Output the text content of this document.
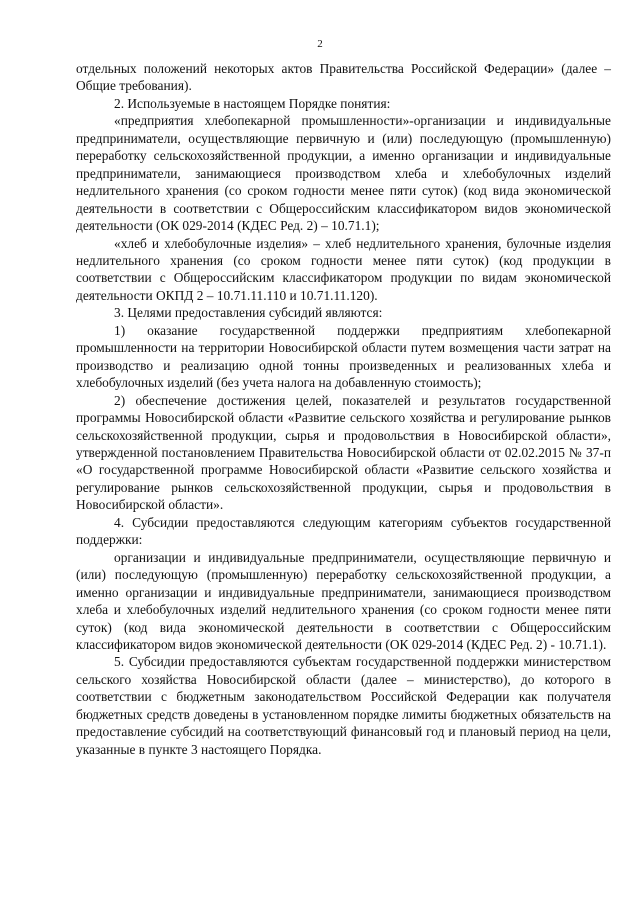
2

отдельных положений некоторых актов Правительства Российской Федерации» (далее – Общие требования).

2. Используемые в настоящем Порядке понятия:

«предприятия хлебопекарной промышленности»-организации и индивидуальные предприниматели, осуществляющие первичную и (или) последующую (промышленную) переработку сельскохозяйственной продукции, а именно организации и индивидуальные предприниматели, занимающиеся производством хлеба и хлебобулочных изделий недлительного хранения (со сроком годности менее пяти суток) (код вида экономической деятельности в соответствии с Общероссийским классификатором видов экономической деятельности (ОК 029-2014 (КДЕС Ред. 2) – 10.71.1);

«хлеб и хлебобулочные изделия» – хлеб недлительного хранения, булочные изделия недлительного хранения (со сроком годности менее пяти суток) (код продукции в соответствии с Общероссийским классификатором продукции по видам экономической деятельности ОКПД 2 – 10.71.11.110 и 10.71.11.120).

3. Целями предоставления субсидий являются:

1) оказание государственной поддержки предприятиям хлебопекарной промышленности на территории Новосибирской области путем возмещения части затрат на производство и реализацию одной тонны произведенных и реализованных хлеба и хлебобулочных изделий (без учета налога на добавленную стоимость);

2) обеспечение достижения целей, показателей и результатов государственной программы Новосибирской области «Развитие сельского хозяйства и регулирование рынков сельскохозяйственной продукции, сырья и продовольствия в Новосибирской области», утвержденной постановлением Правительства Новосибирской области от 02.02.2015 № 37-п «О государственной программе Новосибирской области «Развитие сельского хозяйства и регулирование рынков сельскохозяйственной продукции, сырья и продовольствия в Новосибирской области».

4. Субсидии предоставляются следующим категориям субъектов государственной поддержки:

организации и индивидуальные предприниматели, осуществляющие первичную и (или) последующую (промышленную) переработку сельскохозяйственной продукции, а именно организации и индивидуальные предприниматели, занимающиеся производством хлеба и хлебобулочных изделий недлительного хранения (со сроком годности менее пяти суток) (код вида экономической деятельности в соответствии с Общероссийским классификатором видов экономической деятельности (ОК 029-2014 (КДЕС Ред. 2) - 10.71.1).

5. Субсидии предоставляются субъектам государственной поддержки министерством сельского хозяйства Новосибирской области (далее – министерство), до которого в соответствии с бюджетным законодательством Российской Федерации как получателя бюджетных средств доведены в установленном порядке лимиты бюджетных обязательств на предоставление субсидий на соответствующий финансовый год и плановый период на цели, указанные в пункте 3 настоящего Порядка.
